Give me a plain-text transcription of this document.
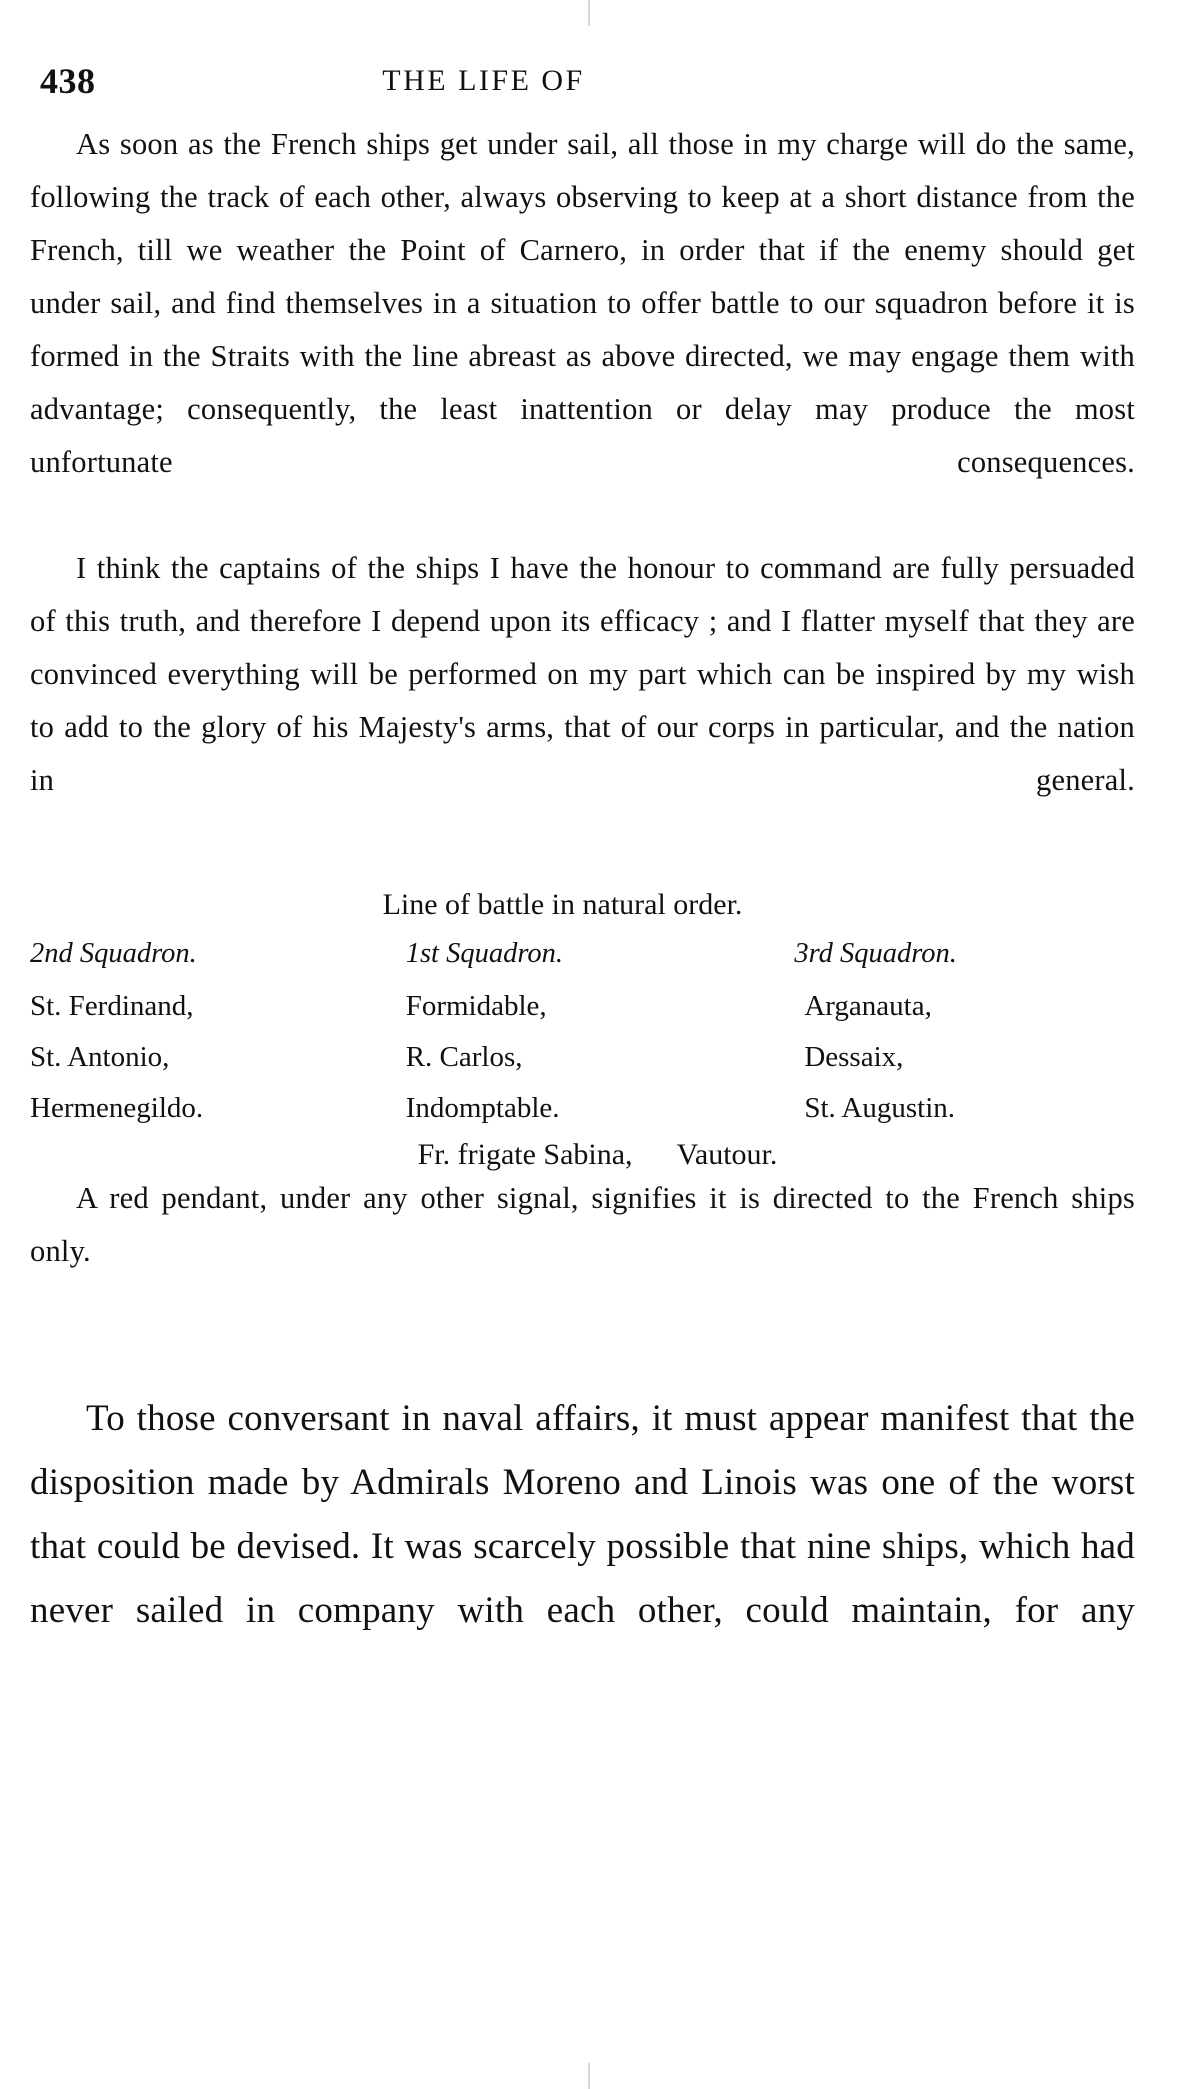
438	THE LIFE OF

As soon as the French ships get under sail, all those in my charge will do the same, following the track of each other, always observing to keep at a short distance from the French, till we weather the Point of Carnero, in order that if the enemy should get under sail, and find themselves in a situation to offer battle to our squadron before it is formed in the Straits with the line abreast as above directed, we may engage them with advantage; consequently, the least inattention or delay may produce the most unfortunate consequences.

I think the captains of the ships I have the honour to command are fully persuaded of this truth, and therefore I depend upon its efficacy ; and I flatter myself that they are convinced everything will be performed on my part which can be inspired by my wish to add to the glory of his Majesty's arms, that of our corps in particular, and the nation in general.

Line of battle in natural order.
2nd Squadron.	1st Squadron.	3rd Squadron.

St. Ferdinand,	Formidable,	Arganauta,

St. Antonio,	R. Carlos,	Dessaix,

Hermenegildo.	Indomptable.	St. Augustin.
Fr. frigate Sabina, Vautour.

A red pendant, under any other signal, signifies it is directed to the French ships only.

To those conversant in naval affairs, it must appear manifest that the disposition made by Admirals Moreno and Linois was one of the worst that could be devised. It was scarcely possible that nine ships, which had never sailed in company with each other, could maintain, for any
